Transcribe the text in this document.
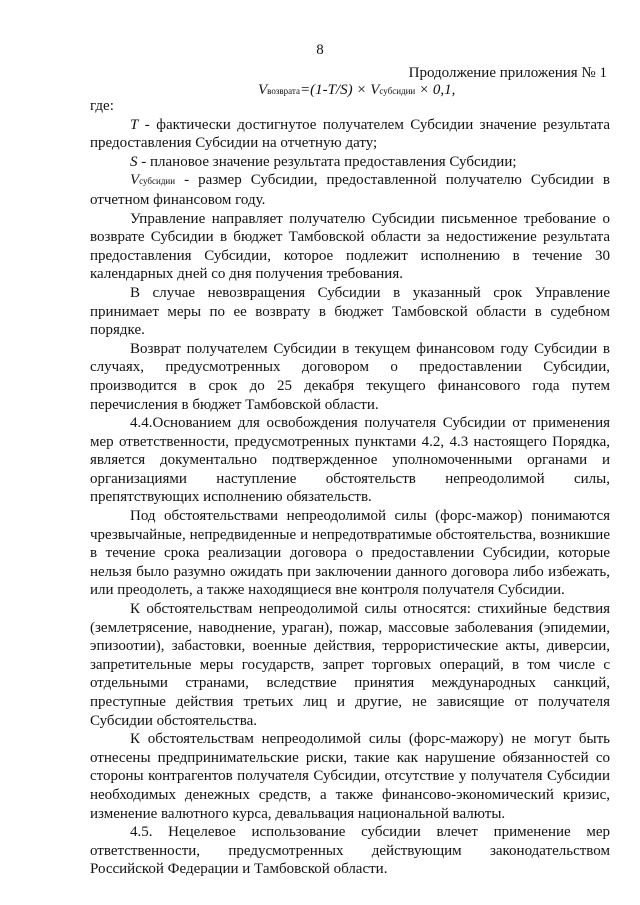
8
Продолжение приложения № 1
Vвозврата=(1-T/S) × Vсубсидии × 0,1,

где:

T - фактически достигнутое получателем Субсидии значение результата предоставления Субсидии на отчетную дату;

S - плановое значение результата предоставления Субсидии;

Vсубсидии - размер Субсидии, предоставленной получателю Субсидии в отчетном финансовом году.

Управление направляет получателю Субсидии письменное требование о возврате Субсидии в бюджет Тамбовской области за недостижение результата предоставления Субсидии, которое подлежит исполнению в течение 30 календарных дней со дня получения требования.

В случае невозвращения Субсидии в указанный срок Управление принимает меры по ее возврату в бюджет Тамбовской области в судебном порядке.

Возврат получателем Субсидии в текущем финансовом году Субсидии в случаях, предусмотренных договором о предоставлении Субсидии, производится в срок до 25 декабря текущего финансового года путем перечисления в бюджет Тамбовской области.

4.4.Основанием для освобождения получателя Субсидии от применения мер ответственности, предусмотренных пунктами 4.2, 4.3 настоящего Порядка, является документально подтвержденное уполномоченными органами и организациями наступление обстоятельств непреодолимой силы, препятствующих исполнению обязательств.

Под обстоятельствами непреодолимой силы (форс-мажор) понимаются чрезвычайные, непредвиденные и непредотвратимые обстоятельства, возникшие в течение срока реализации договора о предоставлении Субсидии, которые нельзя было разумно ожидать при заключении данного договора либо избежать, или преодолеть, а также находящиеся вне контроля получателя Субсидии.

К обстоятельствам непреодолимой силы относятся: стихийные бедствия (землетрясение, наводнение, ураган), пожар, массовые заболевания (эпидемии, эпизоотии), забастовки, военные действия, террористические акты, диверсии, запретительные меры государств, запрет торговых операций, в том числе с отдельными странами, вследствие принятия международных санкций, преступные действия третьих лиц и другие, не зависящие от получателя Субсидии обстоятельства.

К обстоятельствам непреодолимой силы (форс-мажору) не могут быть отнесены предпринимательские риски, такие как нарушение обязанностей со стороны контрагентов получателя Субсидии, отсутствие у получателя Субсидии необходимых денежных средств, а также финансово-экономический кризис, изменение валютного курса, девальвация национальной валюты.

4.5. Нецелевое использование субсидии влечет применение мер ответственности, предусмотренных действующим законодательством Российской Федерации и Тамбовской области.
